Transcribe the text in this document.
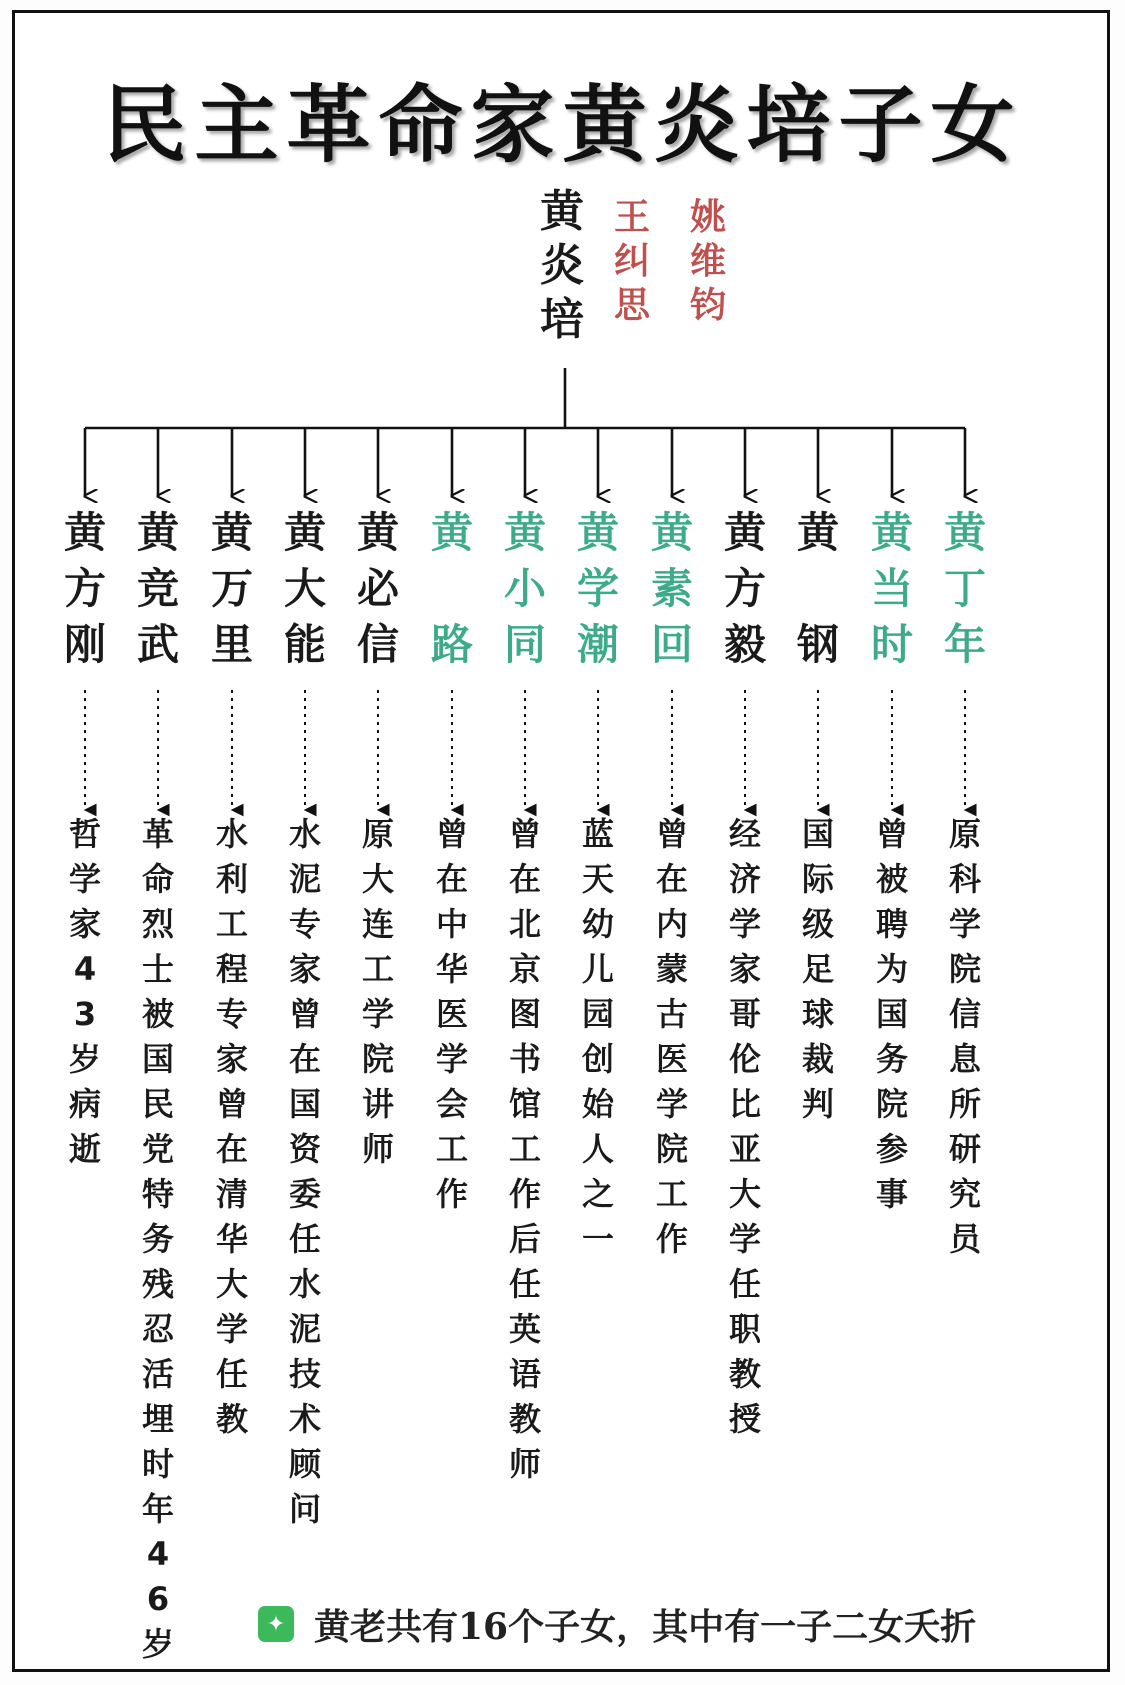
民主革命家黄炎培子女
黄
炎
培
王
纠
思
姚
维
钧
黄
方
刚
哲
学
家
4
3
岁
病
逝
黄
竞
武
革
命
烈
士
被
国
民
党
特
务
残
忍
活
埋
时
年
4
6
岁
黄
万
里
水
利
工
程
专
家
曾
在
清
华
大
学
任
教
黄
大
能
水
泥
专
家
曾
在
国
资
委
任
水
泥
技
术
顾
问
黄
必
信
原
大
连
工
学
院
讲
师
黄

路
曾
在
中
华
医
学
会
工
作
黄
小
同
曾
在
北
京
图
书
馆
工
作
后
任
英
语
教
师
黄
学
潮
蓝
天
幼
儿
园
创
始
人
之
一
黄
素
回
曾
在
内
蒙
古
医
学
院
工
作
黄
方
毅
经
济
学
家
哥
伦
比
亚
大
学
任
职
教
授
黄

钢
国
际
级
足
球
裁
判
黄
当
时
曾
被
聘
为
国
务
院
参
事
黄
丁
年
原
科
学
院
信
息
所
研
究
员
✦ 黄老共有16个子女，其中有一子二女夭折
